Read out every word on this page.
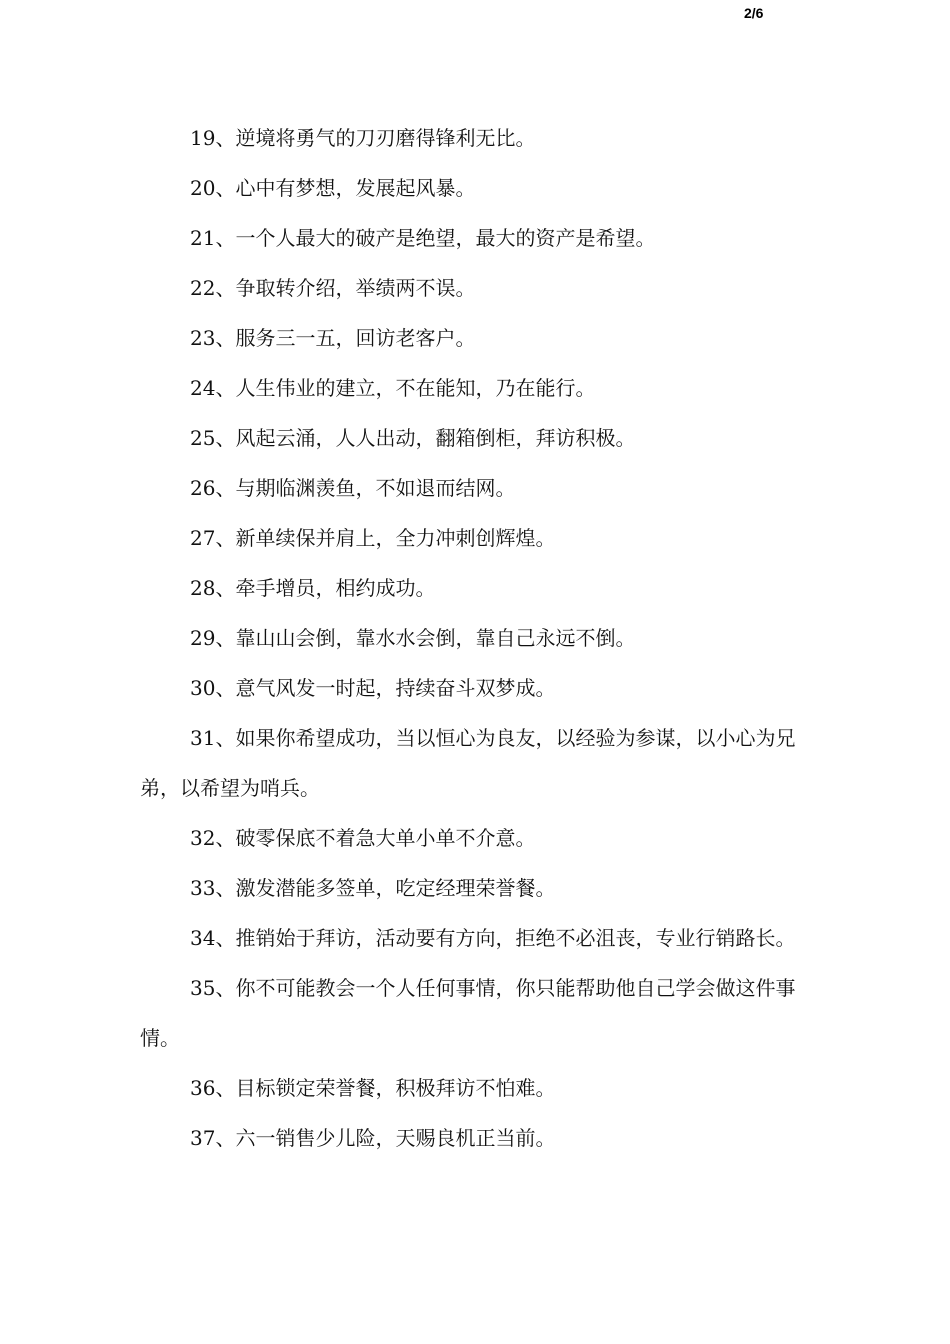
2/6

19、逆境将勇气的刀刃磨得锋利无比。

20、心中有梦想，发展起风暴。

21、一个人最大的破产是绝望，最大的资产是希望。

22、争取转介绍，举绩两不误。

23、服务三一五，回访老客户。

24、人生伟业的建立，不在能知，乃在能行。

25、风起云涌，人人出动，翻箱倒柜，拜访积极。

26、与期临渊羡鱼，不如退而结网。

27、新单续保并肩上，全力冲刺创辉煌。

28、牵手增员，相约成功。

29、靠山山会倒，靠水水会倒，靠自己永远不倒。

30、意气风发一时起，持续奋斗双梦成。

31、如果你希望成功，当以恒心为良友，以经验为参谋，以小心为兄弟，以希望为哨兵。

32、破零保底不着急大单小单不介意。

33、激发潜能多签单，吃定经理荣誉餐。

34、推销始于拜访，活动要有方向，拒绝不必沮丧，专业行销路长。

35、你不可能教会一个人任何事情，你只能帮助他自己学会做这件事情。

36、目标锁定荣誉餐，积极拜访不怕难。

37、六一销售少儿险，天赐良机正当前。
